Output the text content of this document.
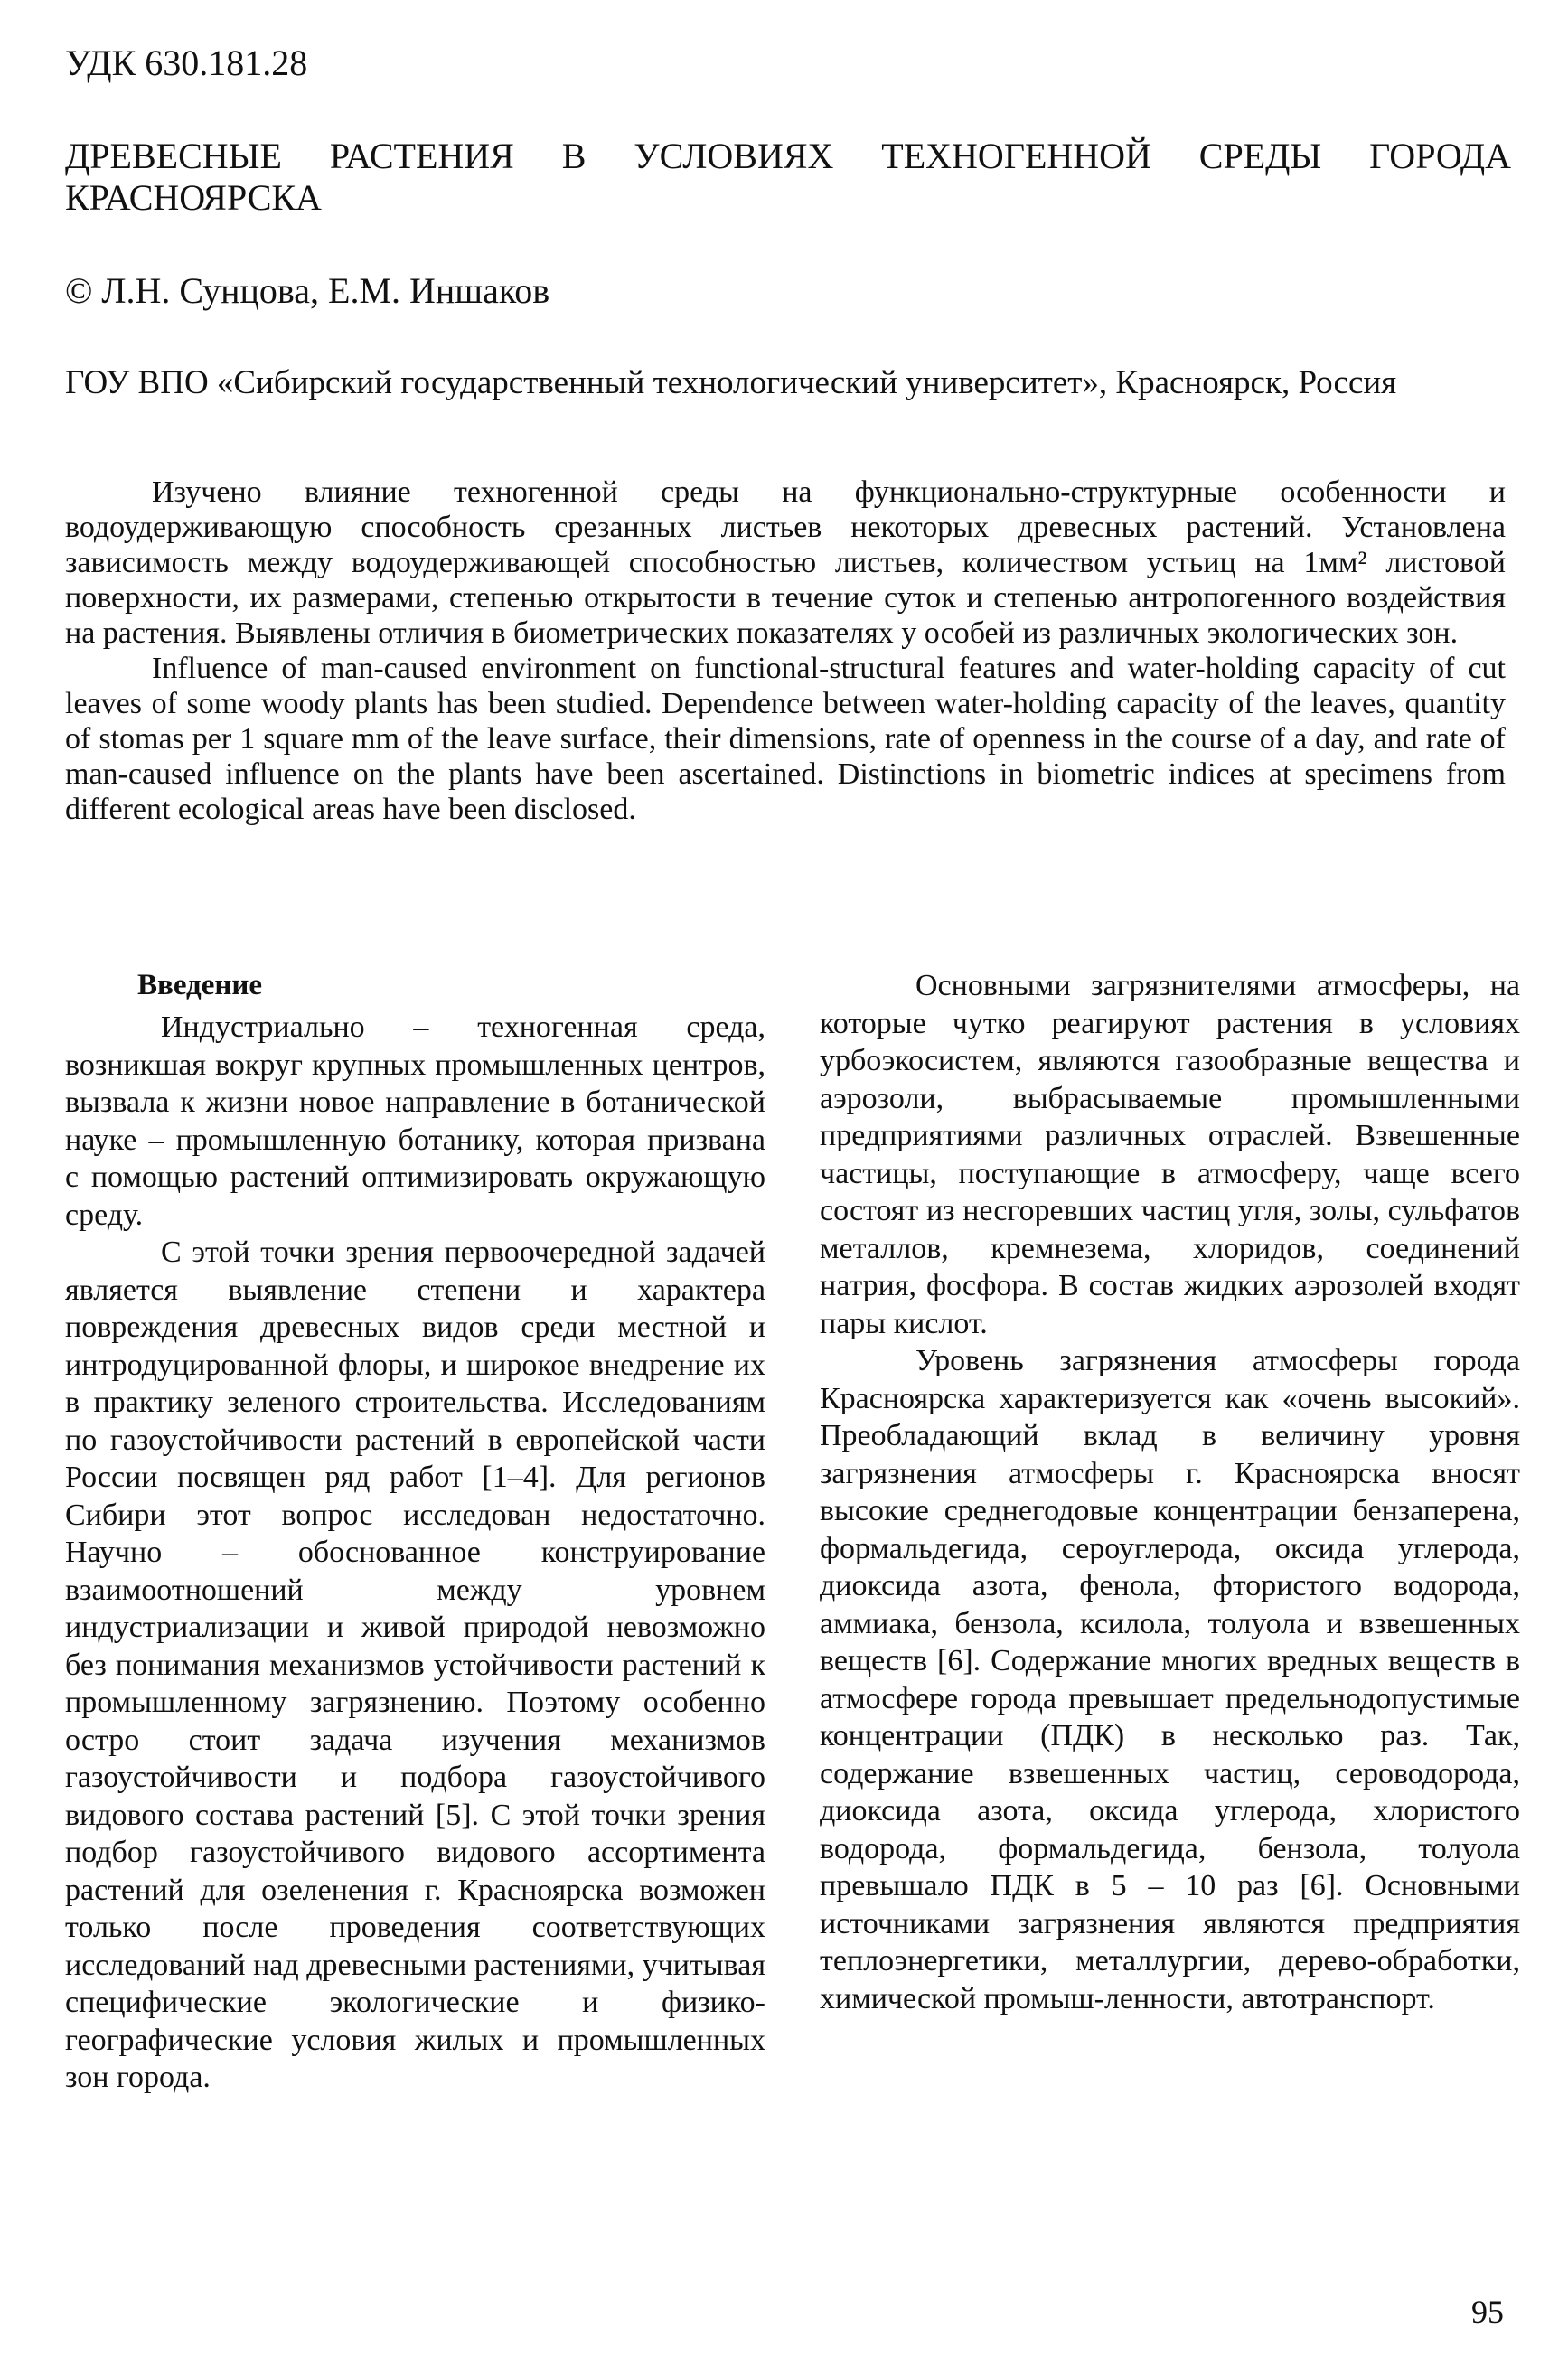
УДК 630.181.28
ДРЕВЕСНЫЕ РАСТЕНИЯ В УСЛОВИЯХ ТЕХНОГЕННОЙ СРЕДЫ ГОРОДА КРАСНОЯРСКА
© Л.Н. Сунцова, Е.М. Иншаков
ГОУ ВПО «Сибирский государственный технологический университет», Красноярск, Россия

Изучено влияние техногенной среды на функционально-структурные особенности и водоудерживающую способность срезанных листьев некоторых древесных растений. Установлена зависимость между водоудерживающей способностью листьев, количеством устьиц на 1мм² листовой поверхности, их размерами, степенью открытости в течение суток и степенью антропогенного воздействия на растения. Выявлены отличия в биометрических показателях у особей из различных экологических зон.

Influence of man-caused environment on functional-structural features and water-holding capacity of cut leaves of some woody plants has been studied. Dependence between water-holding capacity of the leaves, quantity of stomas per 1 square mm of the leave surface, their dimensions, rate of openness in the course of a day, and rate of man-caused influence on the plants have been ascertained. Distinctions in biometric indices at specimens from different ecological areas have been disclosed.

Введение

Индустриально – техногенная среда, возникшая вокруг крупных промышленных центров, вызвала к жизни новое направление в ботанической науке – промышленную ботанику, которая призвана с помощью растений оптимизировать окружающую среду.

С этой точки зрения первоочередной задачей является выявление степени и характера повреждения древесных видов среди местной и интродуцированной флоры, и широкое внедрение их в практику зеленого строительства. Исследованиям по газоустойчивости растений в европейской части России посвящен ряд работ [1–4]. Для регионов Сибири этот вопрос исследован недостаточно. Научно – обоснованное конструирование взаимоотношений между уровнем индустриализации и живой природой невозможно без понимания механизмов устойчивости растений к промышленному загрязнению. Поэтому особенно остро стоит задача изучения механизмов газоустойчивости и подбора газоустойчивого видового состава растений [5]. С этой точки зрения подбор газоустойчивого видового ассортимента растений для озеленения г. Красноярска возможен только после проведения соответствующих исследований над древесными растениями, учитывая специфические экологические и физико-географические условия жилых и промышленных зон города.

Основными загрязнителями атмосферы, на которые чутко реагируют растения в условиях урбоэкосистем, являются газообразные вещества и аэрозоли, выбрасываемые промышленными предприятиями различных отраслей. Взвешенные частицы, поступающие в атмосферу, чаще всего состоят из несгоревших частиц угля, золы, сульфатов металлов, кремнезема, хлоридов, соединений натрия, фосфора. В состав жидких аэрозолей входят пары кислот.

Уровень загрязнения атмосферы города Красноярска характеризуется как «очень высокий». Преобладающий вклад в величину уровня загрязнения атмосферы г. Красноярска вносят высокие среднегодовые концентрации бензаперена, формальдегида, сероуглерода, оксида углерода, диоксида азота, фенола, фтористого водорода, аммиака, бензола, ксилола, толуола и взвешенных веществ [6]. Содержание многих вредных веществ в атмосфере города превышает предельнодопустимые концентрации (ПДК) в несколько раз. Так, содержание взвешенных частиц, сероводорода, диоксида азота, оксида углерода, хлористого водорода, формальдегида, бензола, толуола превышало ПДК в 5 – 10 раз [6]. Основными источниками загрязнения являются предприятия теплоэнергетики, металлургии, дерево-обработки, химической промыш-ленности, автотранспорт.

95
